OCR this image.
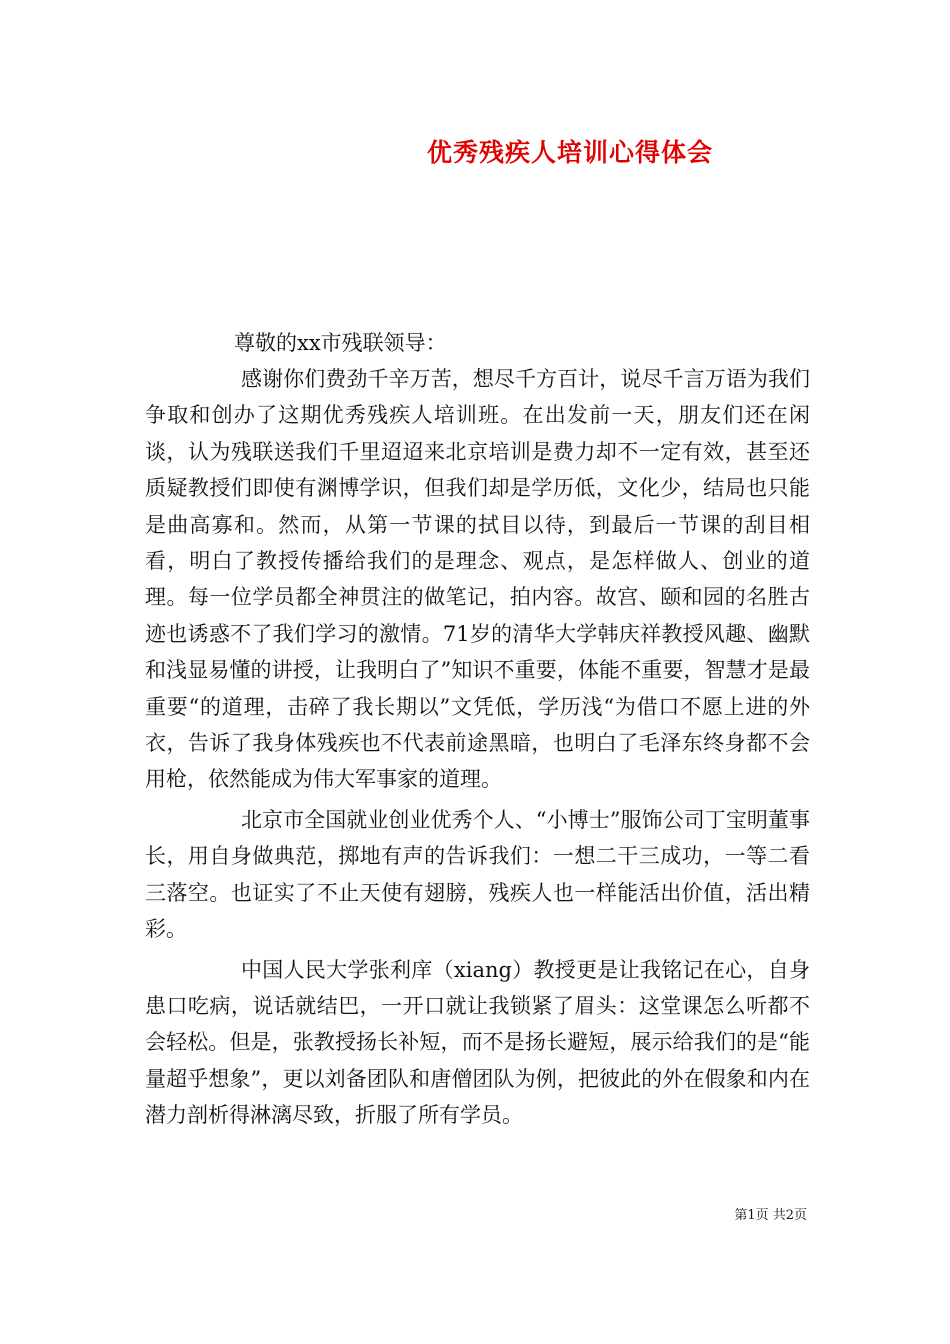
优秀残疾人培训心得体会

尊敬的xx市残联领导：

感谢你们费劲千辛万苦，想尽千方百计，说尽千言万语为我们争取和创办了这期优秀残疾人培训班。在出发前一天，朋友们还在闲谈，认为残联送我们千里迢迢来北京培训是费力却不一定有效，甚至还质疑教授们即使有渊博学识，但我们却是学历低，文化少，结局也只能是曲高寡和。然而，从第一节课的拭目以待，到最后一节课的刮目相看，明白了教授传播给我们的是理念、观点，是怎样做人、创业的道理。每一位学员都全神贯注的做笔记，拍内容。故宫、颐和园的名胜古迹也诱惑不了我们学习的激情。71岁的清华大学韩庆祥教授风趣、幽默和浅显易懂的讲授，让我明白了”知识不重要，体能不重要，智慧才是最重要“的道理，击碎了我长期以”文凭低，学历浅“为借口不愿上进的外衣，告诉了我身体残疾也不代表前途黑暗，也明白了毛泽东终身都不会用枪，依然能成为伟大军事家的道理。

北京市全国就业创业优秀个人、“小博士”服饰公司丁宝明董事长，用自身做典范，掷地有声的告诉我们：一想二干三成功，一等二看三落空。也证实了不止天使有翅膀，残疾人也一样能活出价值，活出精彩。

中国人民大学张利庠（xiang）教授更是让我铭记在心，自身患口吃病，说话就结巴，一开口就让我锁紧了眉头：这堂课怎么听都不会轻松。但是，张教授扬长补短，而不是扬长避短，展示给我们的是“能量超乎想象”，更以刘备团队和唐僧团队为例，把彼此的外在假象和内在潜力剖析得淋漓尽致，折服了所有学员。

第1页 共2页
